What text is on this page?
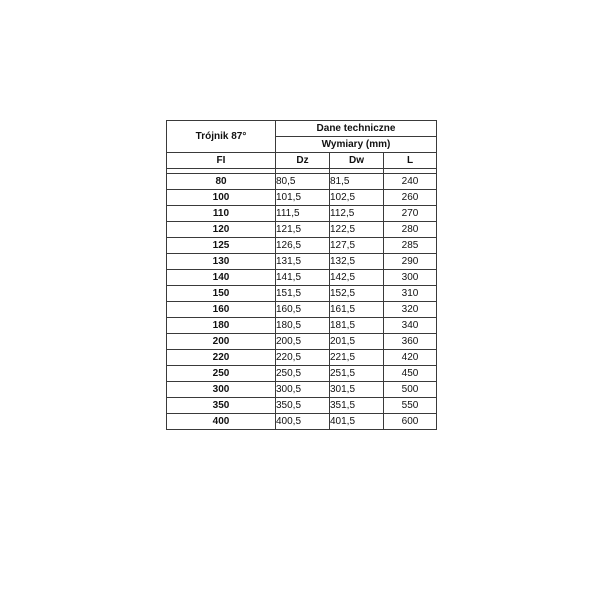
Trójnik 87°	Dane techniczne		
	Wymiary (mm)		
FI	Dz	Dw	L

80	80,5	81,5	240
100	101,5	102,5	260
110	111,5	112,5	270
120	121,5	122,5	280
125	126,5	127,5	285
130	131,5	132,5	290
140	141,5	142,5	300
150	151,5	152,5	310
160	160,5	161,5	320
180	180,5	181,5	340
200	200,5	201,5	360
220	220,5	221,5	420
250	250,5	251,5	450
300	300,5	301,5	500
350	350,5	351,5	550
400	400,5	401,5	600
